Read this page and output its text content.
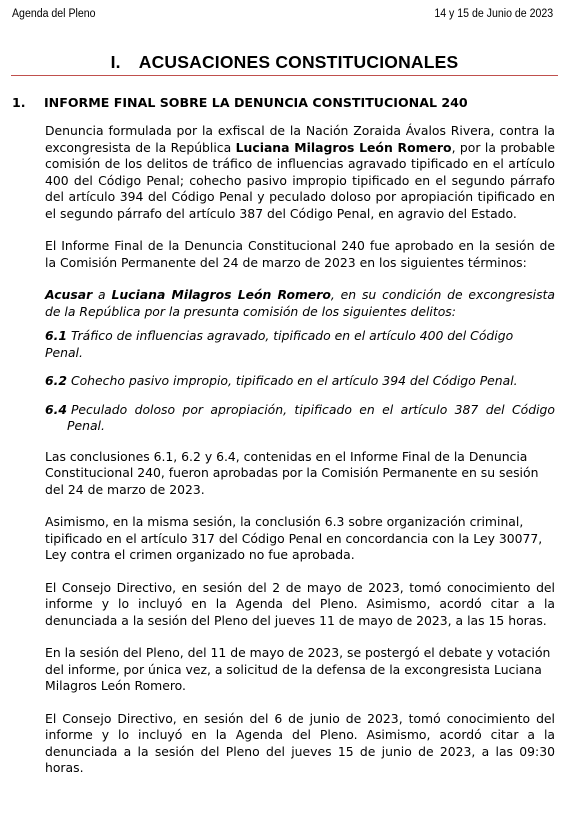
Agenda del Pleno	14 y 15 de Junio de 2023
I. ACUSACIONES CONSTITUCIONALES
1. INFORME FINAL SOBRE LA DENUNCIA CONSTITUCIONAL 240

Denuncia formulada por la exfiscal de la Nación Zoraida Ávalos Rivera, contra la excongresista de la República Luciana Milagros León Romero, por la probable comisión de los delitos de tráfico de influencias agravado tipificado en el artículo 400 del Código Penal; cohecho pasivo impropio tipificado en el segundo párrafo del artículo 394 del Código Penal y peculado doloso por apropiación tipificado en el segundo párrafo del artículo 387 del Código Penal, en agravio del Estado.

El Informe Final de la Denuncia Constitucional 240 fue aprobado en la sesión de la Comisión Permanente del 24 de marzo de 2023 en los siguientes términos:

Acusar a Luciana Milagros León Romero, en su condición de excongresista de la República por la presunta comisión de los siguientes delitos:

6.1 Tráfico de influencias agravado, tipificado en el artículo 400 del Código Penal.
6.2 Cohecho pasivo impropio, tipificado en el artículo 394 del Código Penal.
6.4 Peculado doloso por apropiación, tipificado en el artículo 387 del Código Penal.

Las conclusiones 6.1, 6.2 y 6.4, contenidas en el Informe Final de la Denuncia Constitucional 240, fueron aprobadas por la Comisión Permanente en su sesión del 24 de marzo de 2023.

Asimismo, en la misma sesión, la conclusión 6.3 sobre organización criminal, tipificado en el artículo 317 del Código Penal en concordancia con la Ley 30077, Ley contra el crimen organizado no fue aprobada.

El Consejo Directivo, en sesión del 2 de mayo de 2023, tomó conocimiento del informe y lo incluyó en la Agenda del Pleno. Asimismo, acordó citar a la denunciada a la sesión del Pleno del jueves 11 de mayo de 2023, a las 15 horas.

En la sesión del Pleno, del 11 de mayo de 2023, se postergó el debate y votación del informe, por única vez, a solicitud de la defensa de la excongresista Luciana Milagros León Romero.

El Consejo Directivo, en sesión del 6 de junio de 2023, tomó conocimiento del informe y lo incluyó en la Agenda del Pleno. Asimismo, acordó citar a la denunciada a la sesión del Pleno del jueves 15 de junio de 2023, a las 09:30 horas.
